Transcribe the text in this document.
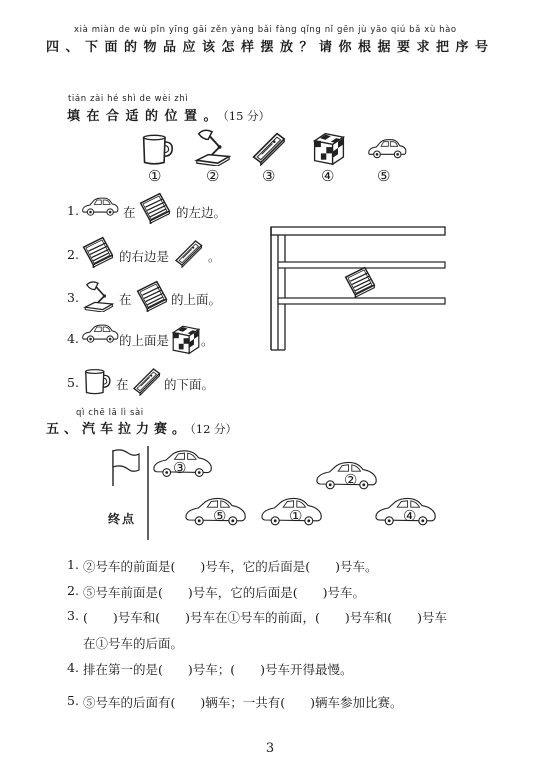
xià miàn de wù pǐn yīng gāi zěn yàng bǎi fàng qǐng nǐ gēn jù yāo qiú bǎ xù hào
四、下面的物品应该怎样摆放？请你根据要求把序号
tián zài hé shì de wèi zhì
填在合适的位置。（15 分）
①	②	③	④	⑤
1.	在	的左边。
2.	的右边是	。
3.	在	的上面。
4.	的上面是	。
5.	在	的下面。
qì chē lā lì sài
五、汽车拉力赛。（12 分）
终点
③
②
⑤	①	④
1. ②号车的前面是(　　)号车，它的后面是(　　)号车。
2. ⑤号车前面是(　　)号车，它的后面是(　　)号车。
3. (　　)号车和(　　)号车在①号车的前面，(　　)号车和(　　)号车
在①号车的后面。
4. 排在第一的是(　　)号车；(　　)号车开得最慢。
5. ⑤号车的后面有(　　)辆车；一共有(　　)辆车参加比赛。
3
